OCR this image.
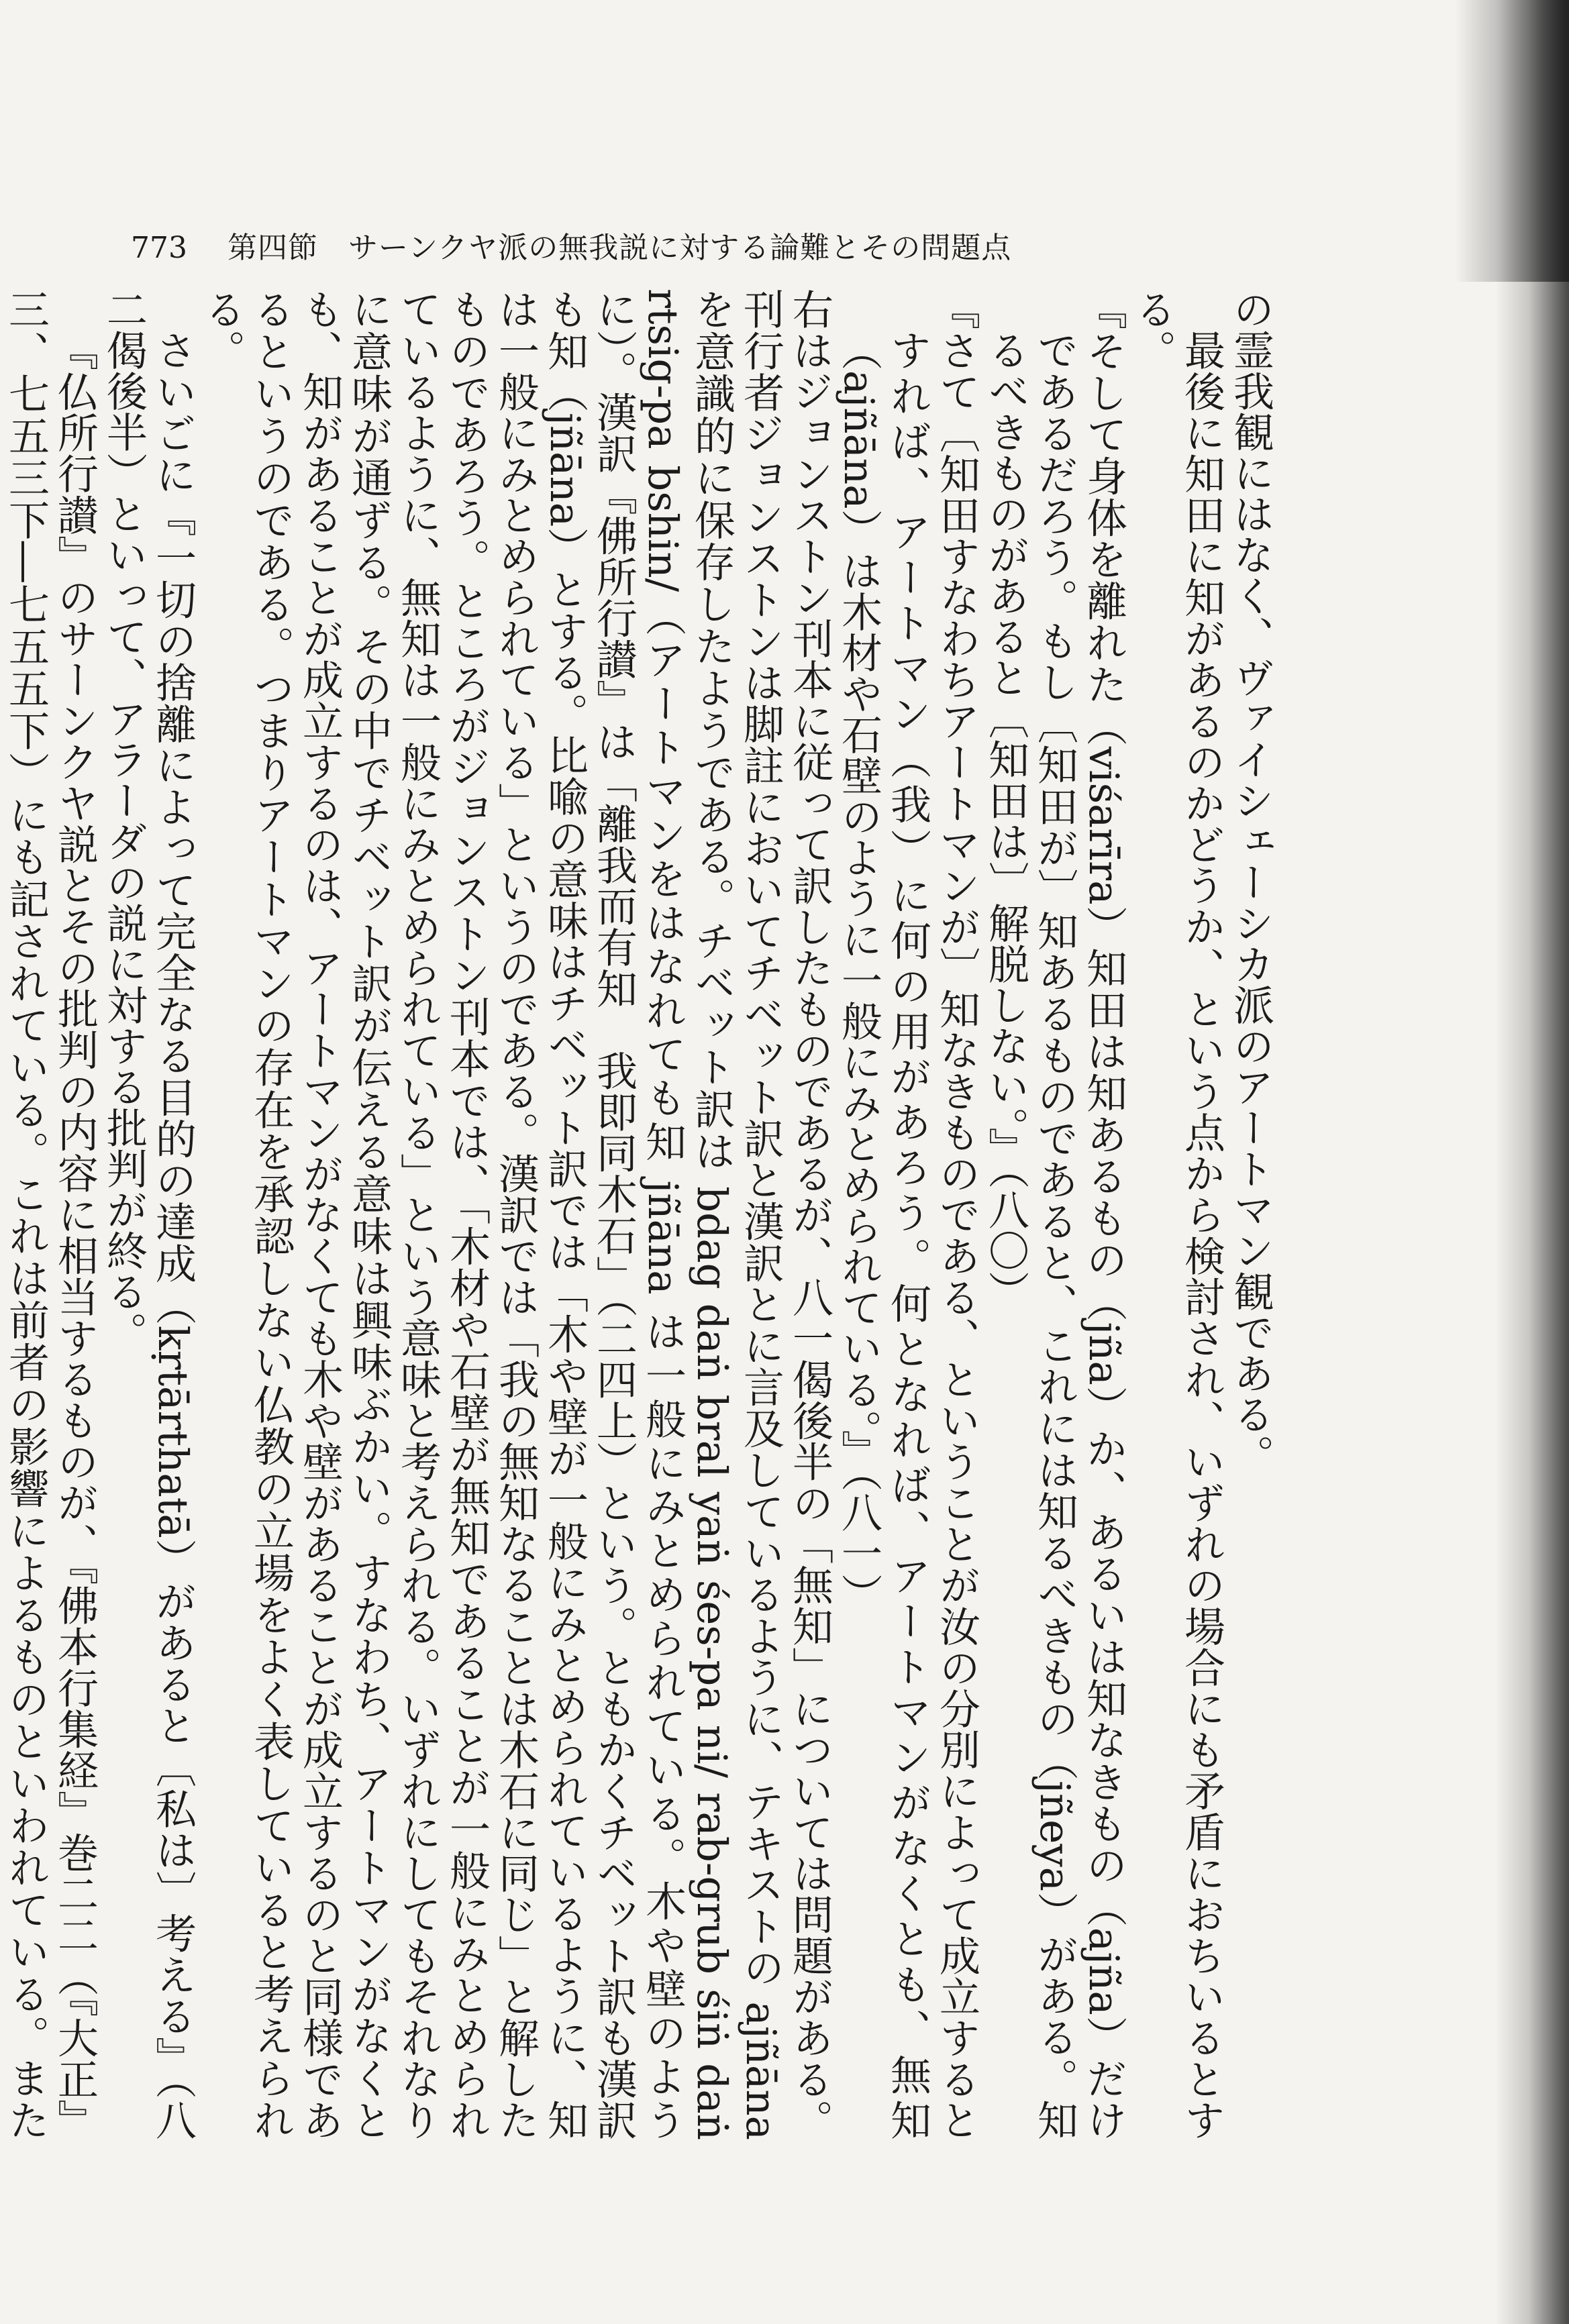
773 第四節　サーンクヤ派の無我説に対する論難とその問題点

の霊我観にはなく、ヴァイシェーシカ派のアートマン観である。

最後に知田に知があるのかどうか、という点から検討され、いずれの場合にも矛盾におちいるとする。

『そして身体を離れた（viśarīra）知田は知あるもの（jña）か、あるいは知なきもの（ajña）だけであるだろう。もし〔知田が〕知あるものであると、これには知るべきもの（jñeya）がある。知るべきものがあると〔知田は〕解脱しない。』（八〇）

『さて〔知田すなわちアートマンが〕知なきものである、ということが汝の分別によって成立するとすれば、アートマン（我）に何の用があろう。何となれば、アートマンがなくとも、無知（ajñāna）は木材や石壁のように一般にみとめられている。』（八一）

右はジョンストン刊本に従って訳したものであるが、八一偈後半の「無知」については問題がある。刊行者ジョンストンは脚註においてチベット訳と漢訳とに言及しているように、テキストの ajñāna を意識的に保存したようである。チベット訳は bdag daṅ bral yaṅ śes-pa ni/ rab-grub śiṅ daṅ rtsig-pa bshin/（アートマンをはなれても知 jñāna は一般にみとめられている。木や壁のように）。漢訳『佛所行讃』は「離我而有知　我即同木石」（二四上）という。ともかくチベット訳も漢訳も知（jñāna）とする。比喩の意味はチベット訳では「木や壁が一般にみとめられているように、知は一般にみとめられている」というのである。漢訳では「我の無知なることは木石に同じ」と解したものであろう。ところがジョンストン刊本では、「木材や石壁が無知であることが一般にみとめられているように、無知は一般にみとめられている」という意味と考えられる。いずれにしてもそれなりに意味が通ずる。その中でチベット訳が伝える意味は興味ぶかい。すなわち、アートマンがなくとも、知があることが成立するのは、アートマンがなくても木や壁があることが成立するのと同様であるというのである。つまりアートマンの存在を承認しない仏教の立場をよく表していると考えられる。

さいごに『一切の捨離によって完全なる目的の達成（kṛtārthatā）があると〔私は〕考える』（八二偈後半）といって、アラーダの説に対する批判が終る。

『仏所行讃』のサーンクヤ説とその批判の内容に相当するものが、『佛本行集経』巻二二（『大正』三、七五三下―七五五下）にも記されている。これは前者の影響によるものといわれている。また
